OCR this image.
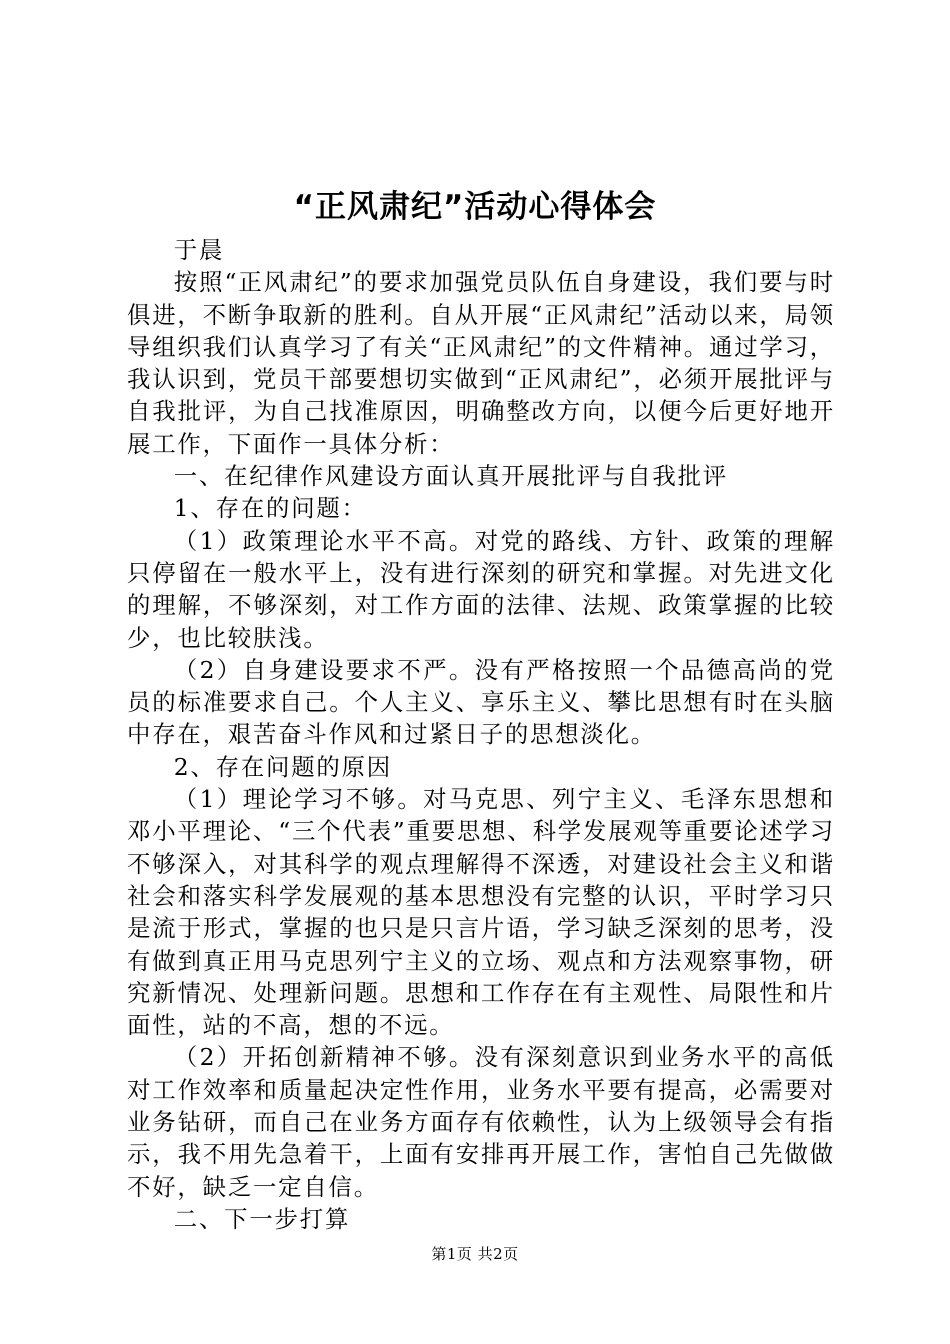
“正风肃纪”活动心得体会

于晨

按照“正风肃纪”的要求加强党员队伍自身建设，我们要与时俱进，不断争取新的胜利。自从开展“正风肃纪”活动以来，局领导组织我们认真学习了有关“正风肃纪”的文件精神。通过学习，我认识到，党员干部要想切实做到“正风肃纪”，必须开展批评与自我批评，为自己找准原因，明确整改方向，以便今后更好地开展工作，下面作一具体分析：

一、在纪律作风建设方面认真开展批评与自我批评

1、存在的问题：

（1）政策理论水平不高。对党的路线、方针、政策的理解只停留在一般水平上，没有进行深刻的研究和掌握。对先进文化的理解，不够深刻，对工作方面的法律、法规、政策掌握的比较少，也比较肤浅。

（2）自身建设要求不严。没有严格按照一个品德高尚的党员的标准要求自己。个人主义、享乐主义、攀比思想有时在头脑中存在，艰苦奋斗作风和过紧日子的思想淡化。

2、存在问题的原因

（1）理论学习不够。对马克思、列宁主义、毛泽东思想和邓小平理论、“三个代表”重要思想、科学发展观等重要论述学习不够深入，对其科学的观点理解得不深透，对建设社会主义和谐社会和落实科学发展观的基本思想没有完整的认识，平时学习只是流于形式，掌握的也只是只言片语，学习缺乏深刻的思考，没有做到真正用马克思列宁主义的立场、观点和方法观察事物，研究新情况、处理新问题。思想和工作存在有主观性、局限性和片面性，站的不高，想的不远。

（2）开拓创新精神不够。没有深刻意识到业务水平的高低对工作效率和质量起决定性作用，业务水平要有提高，必需要对业务钻研，而自己在业务方面存有依赖性，认为上级领导会有指示，我不用先急着干，上面有安排再开展工作，害怕自己先做做不好，缺乏一定自信。

二、下一步打算

第1页 共2页
